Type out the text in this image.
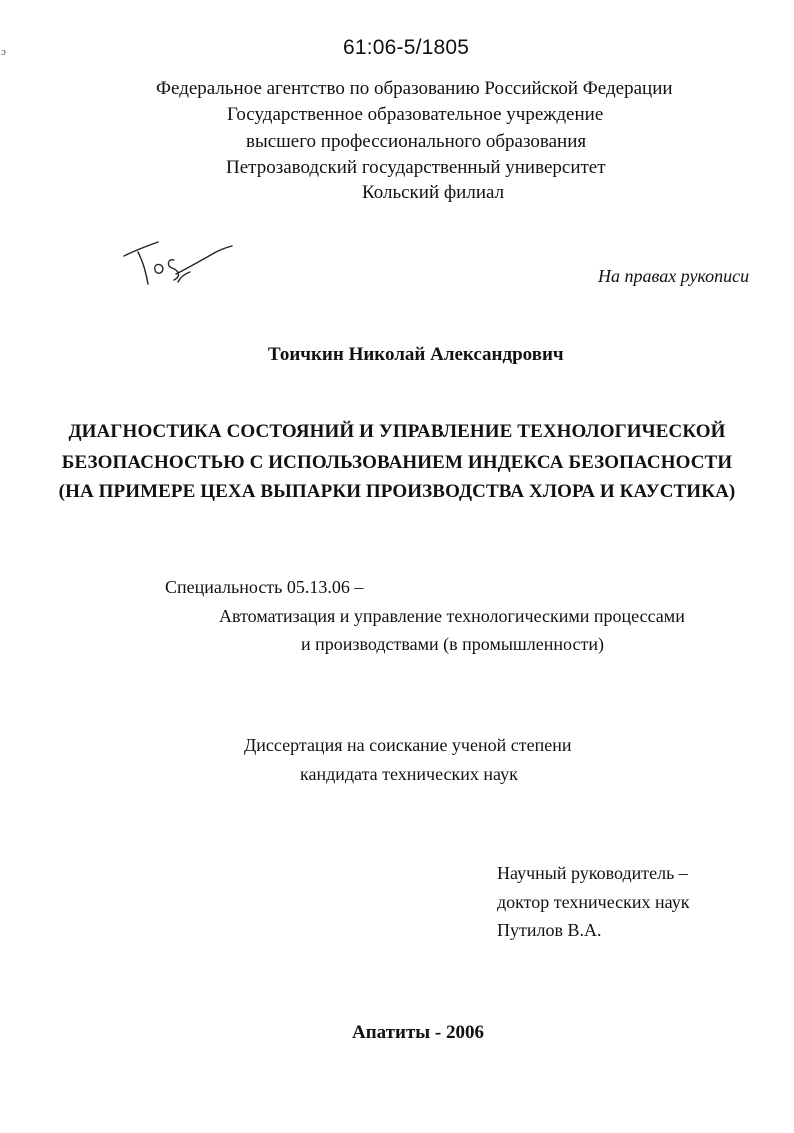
61:06-5/1805
ɔ
Федеральное агентство по образованию Российской Федерации
Государственное образовательное учреждение
высшего профессионального образования
Петрозаводский государственный университет
Кольский филиал
На правах рукописи
Тоичкин Николай Александрович
ДИАГНОСТИКА СОСТОЯНИЙ И УПРАВЛЕНИЕ ТЕХНОЛОГИЧЕСКОЙ
БЕЗОПАСНОСТЬЮ С ИСПОЛЬЗОВАНИЕМ ИНДЕКСА БЕЗОПАСНОСТИ
(НА ПРИМЕРЕ ЦЕХА ВЫПАРКИ ПРОИЗВОДСТВА ХЛОРА И КАУСТИКА)
Специальность 05.13.06 –
Автоматизация и управление технологическими процессами
и производствами (в промышленности)
Диссертация на соискание ученой степени
кандидата технических наук
Научный руководитель –
доктор технических наук
Путилов В.А.
Апатиты - 2006
